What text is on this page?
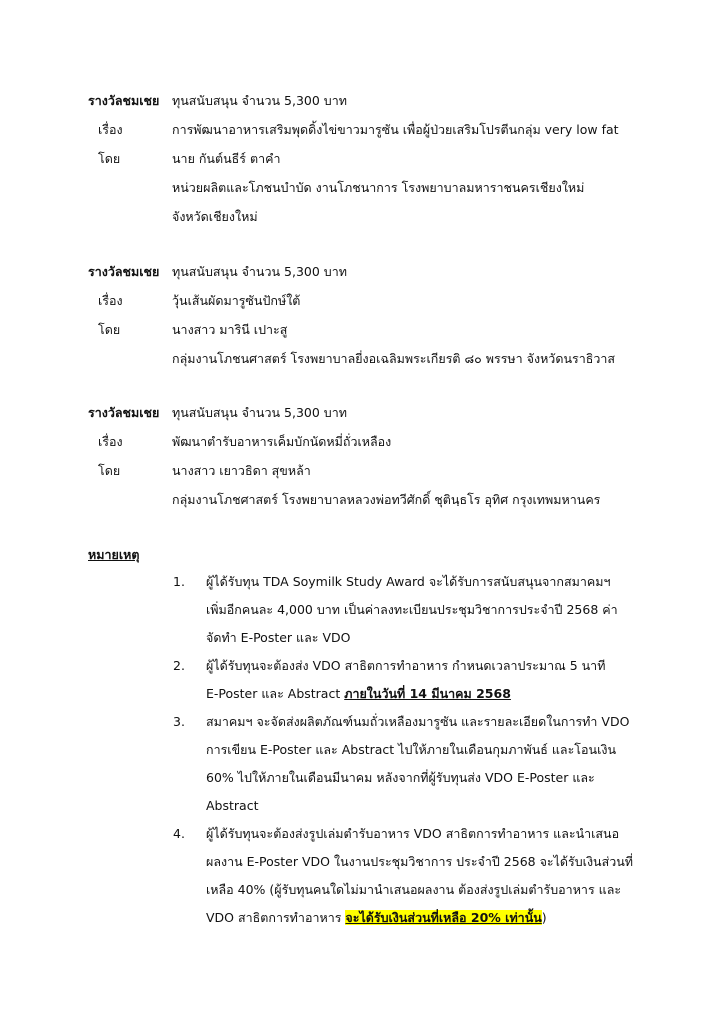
รางวัลชมเชย ทุนสนับสนุน จำนวน 5,300 บาท
เรื่อง	การพัฒนาอาหารเสริมพุดดิ้งไข่ขาวมารูซัน เพื่อผู้ป่วยเสริมโปรตีนกลุ่ม very low fat
โดย	นาย กันต์นธีร์ ตาคำ
หน่วยผลิตและโภชนบำบัด งานโภชนาการ โรงพยาบาลมหาราชนครเชียงใหม่
จังหวัดเชียงใหม่
รางวัลชมเชย ทุนสนับสนุน จำนวน 5,300 บาท
เรื่อง	วุ้นเส้นผัดมารูซันปักษ์ใต้
โดย	นางสาว มารินี เปาะสู
กลุ่มงานโภชนศาสตร์ โรงพยาบาลยี่งอเฉลิมพระเกียรติ ๘๐ พรรษา จังหวัดนราธิวาส
รางวัลชมเชย ทุนสนับสนุน จำนวน 5,300 บาท
เรื่อง	พัฒนาตำรับอาหารเค็มบักนัดหมี่ถั่วเหลือง
โดย	นางสาว เยาวธิดา สุขหล้า
กลุ่มงานโภชศาสตร์ โรงพยาบาลหลวงพ่อทวีศักดิ์ ชุตินฺธโร อุทิศ กรุงเทพมหานคร
หมายเหตุ
1. ผู้ได้รับทุน TDA Soymilk Study Award จะได้รับการสนับสนุนจากสมาคมฯ
เพิ่มอีกคนละ 4,000 บาท เป็นค่าลงทะเบียนประชุมวิชาการประจำปี 2568 ค่า
จัดทำ E-Poster และ VDO
2. ผู้ได้รับทุนจะต้องส่ง VDO สาธิตการทำอาหาร กำหนดเวลาประมาณ 5 นาที
E-Poster และ Abstract ภายในวันที่ 14 มีนาคม 2568
3. สมาคมฯ จะจัดส่งผลิตภัณฑ์นมถั่วเหลืองมารูซัน และรายละเอียดในการทำ VDO
การเขียน E-Poster และ Abstract ไปให้ภายในเดือนกุมภาพันธ์ และโอนเงิน
60% ไปให้ภายในเดือนมีนาคม หลังจากที่ผู้รับทุนส่ง VDO E-Poster และ
Abstract
4. ผู้ได้รับทุนจะต้องส่งรูปเล่มตำรับอาหาร VDO สาธิตการทำอาหาร และนำเสนอ
ผลงาน E-Poster VDO ในงานประชุมวิชาการ ประจำปี 2568 จะได้รับเงินส่วนที่
เหลือ 40% (ผู้รับทุนคนใดไม่มานำเสนอผลงาน ต้องส่งรูปเล่มตำรับอาหาร และ
VDO สาธิตการทำอาหาร จะได้รับเงินส่วนที่เหลือ 20% เท่านั้น)
